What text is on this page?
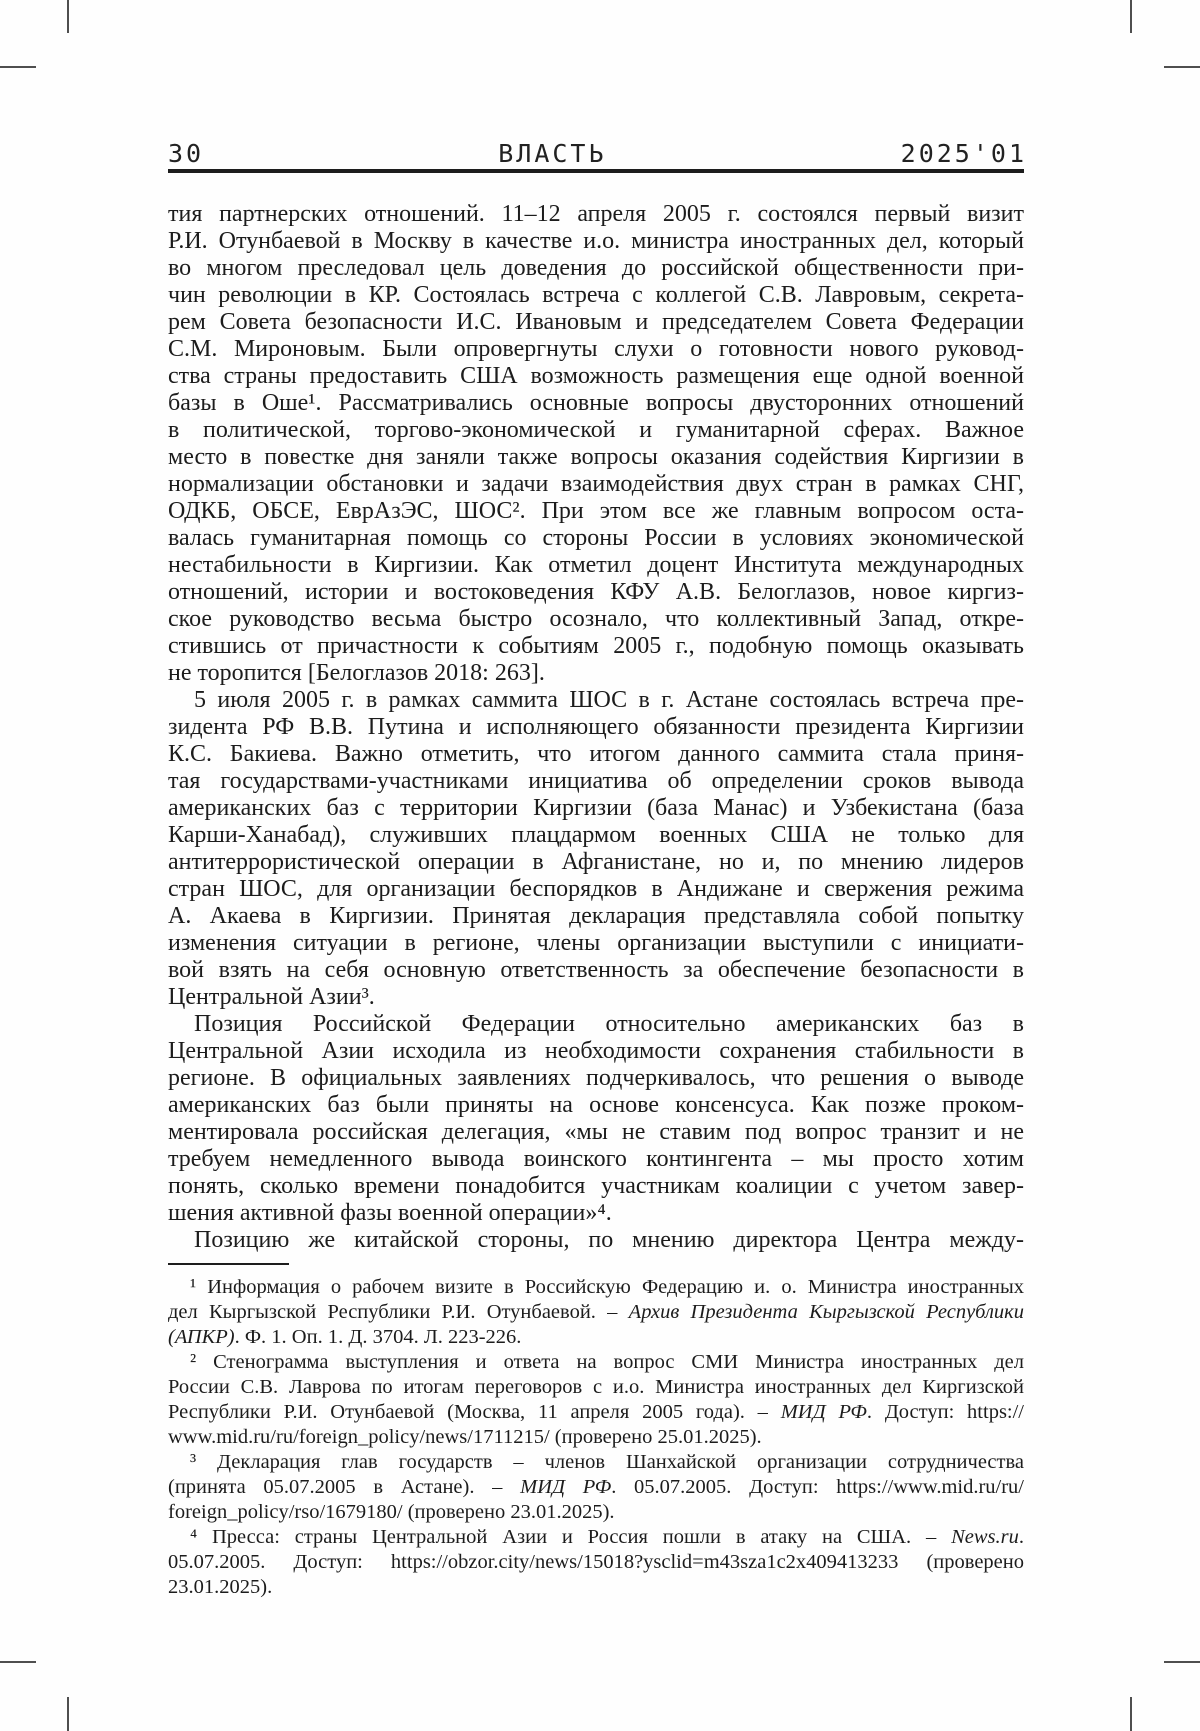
30	ВЛАСТЬ	2025'01
тия партнерских отношений. 11–12 апреля 2005 г. состоялся первый визит
Р.И. Отунбаевой в Москву в качестве и.о. министра иностранных дел, который
во многом преследовал цель доведения до российской общественности при-
чин революции в КР. Состоялась встреча с коллегой С.В. Лавровым, секрета-
рем Совета безопасности И.С. Ивановым и председателем Совета Федерации
С.М. Мироновым. Были опровергнуты слухи о готовности нового руковод-
ства страны предоставить США возможность размещения еще одной военной
базы в Оше¹. Рассматривались основные вопросы двусторонних отношений
в политической, торгово-экономической и гуманитарной сферах. Важное
место в повестке дня заняли также вопросы оказания содействия Киргизии в
нормализации обстановки и задачи взаимодействия двух стран в рамках СНГ,
ОДКБ, ОБСЕ, ЕврАзЭС, ШОС². При этом все же главным вопросом оста-
валась гуманитарная помощь со стороны России в условиях экономической
нестабильности в Киргизии. Как отметил доцент Института международных
отношений, истории и востоковедения КФУ А.В. Белоглазов, новое киргиз-
ское руководство весьма быстро осознало, что коллективный Запад, откре-
стившись от причастности к событиям 2005 г., подобную помощь оказывать
не торопится [Белоглазов 2018: 263].
5 июля 2005 г. в рамках саммита ШОС в г. Астане состоялась встреча пре-
зидента РФ В.В. Путина и исполняющего обязанности президента Киргизии
К.С. Бакиева. Важно отметить, что итогом данного саммита стала приня-
тая государствами-участниками инициатива об определении сроков вывода
американских баз с территории Киргизии (база Манас) и Узбекистана (база
Карши-Ханабад), служивших плацдармом военных США не только для
антитеррористической операции в Афганистане, но и, по мнению лидеров
стран ШОС, для организации беспорядков в Андижане и свержения режима
А. Акаева в Киргизии. Принятая декларация представляла собой попытку
изменения ситуации в регионе, члены организации выступили с инициати-
вой взять на себя основную ответственность за обеспечение безопасности в
Центральной Азии³.
Позиция Российской Федерации относительно американских баз в
Центральной Азии исходила из необходимости сохранения стабильности в
регионе. В официальных заявлениях подчеркивалось, что решения о выводе
американских баз были приняты на основе консенсуса. Как позже проком-
ментировала российская делегация, «мы не ставим под вопрос транзит и не
требуем немедленного вывода воинского контингента – мы просто хотим
понять, сколько времени понадобится участникам коалиции с учетом завер-
шения активной фазы военной операции»⁴.
Позицию же китайской стороны, по мнению директора Центра между-
¹ Информация о рабочем визите в Российскую Федерацию и. о. Министра иностранных
дел Кыргызской Республики Р.И. Отунбаевой. – Архив Президента Кыргызской Республики
(АПКР). Ф. 1. Оп. 1. Д. 3704. Л. 223-226.
² Стенограмма выступления и ответа на вопрос СМИ Министра иностранных дел
России С.В. Лаврова по итогам переговоров с и.о. Министра иностранных дел Киргизской
Республики Р.И. Отунбаевой (Москва, 11 апреля 2005 года). – МИД РФ. Доступ: https://
www.mid.ru/ru/foreign_policy/news/1711215/ (проверено 25.01.2025).
³ Декларация глав государств – членов Шанхайской организации сотрудничества
(принята 05.07.2005 в Астане). – МИД РФ. 05.07.2005. Доступ: https://www.mid.ru/ru/
foreign_policy/rso/1679180/ (проверено 23.01.2025).
⁴ Пресса: страны Центральной Азии и Россия пошли в атаку на США. – News.ru.
05.07.2005. Доступ: https://obzor.city/news/15018?ysclid=m43sza1c2x409413233 (проверено
23.01.2025).
